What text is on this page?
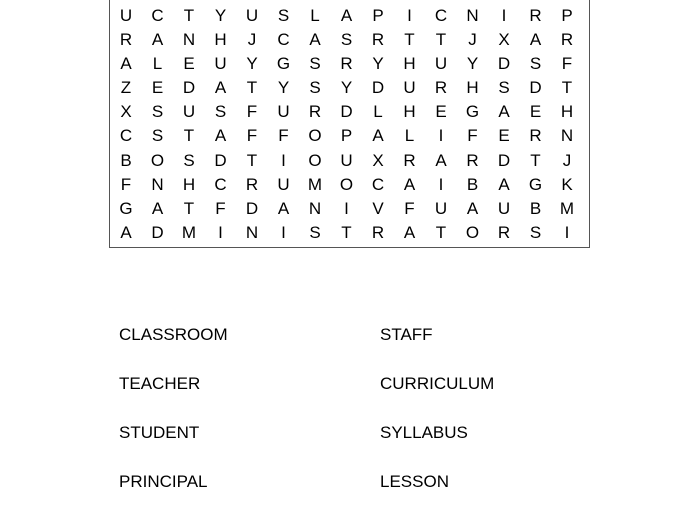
U C T Y U S	L	A P	I	C N	I	R P
R A N H	J	C A S R T T	J	X A R
A	L	E U Y G S R Y H U Y D S F
Z E D A T Y S Y D U R H S D T
X S U S F U R D	L	H E G A E H
C S T A F F O P A	L	I	F E R N
B O S D T	I	O U X R A R D T	J
F N H C R U M O C A	I	B A G K
G A T F D A N	I	V F U A U B M
A D M	I	N	I	S T R A T O R S	I
CLASSROOM
TEACHER
STUDENT
PRINCIPAL
STAFF
CURRICULUM
SYLLABUS
LESSON
